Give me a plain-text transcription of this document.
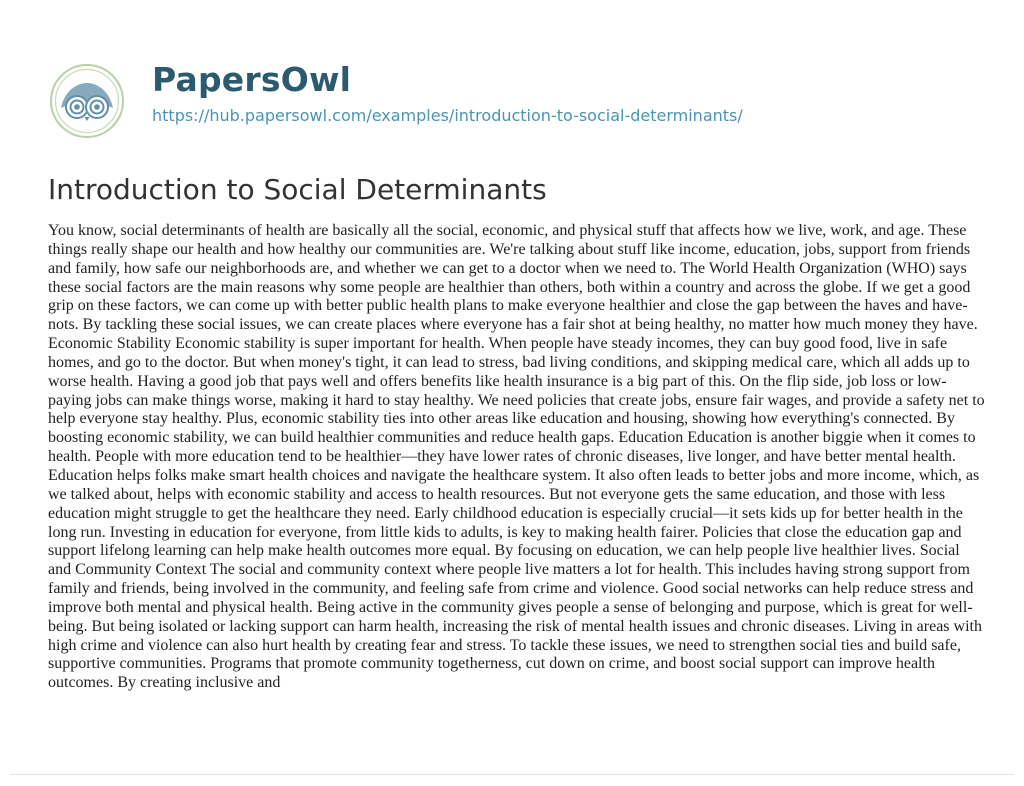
PapersOwl
https://hub.papersowl.com/examples/introduction-to-social-determinants/
Introduction to Social Determinants

You know, social determinants of health are basically all the social, economic, and physical stuff that affects how we live, work, and age. These things really shape our health and how healthy our communities are. We're talking about stuff like income, education, jobs, support from friends and family, how safe our neighborhoods are, and whether we can get to a doctor when we need to. The World Health Organization (WHO) says these social factors are the main reasons why some people are healthier than others, both within a country and across the globe. If we get a good grip on these factors, we can come up with better public health plans to make everyone healthier and close the gap between the haves and have-nots. By tackling these social issues, we can create places where everyone has a fair shot at being healthy, no matter how much money they have. Economic Stability Economic stability is super important for health. When people have steady incomes, they can buy good food, live in safe homes, and go to the doctor. But when money's tight, it can lead to stress, bad living conditions, and skipping medical care, which all adds up to worse health. Having a good job that pays well and offers benefits like health insurance is a big part of this. On the flip side, job loss or low-paying jobs can make things worse, making it hard to stay healthy. We need policies that create jobs, ensure fair wages, and provide a safety net to help everyone stay healthy. Plus, economic stability ties into other areas like education and housing, showing how everything's connected. By boosting economic stability, we can build healthier communities and reduce health gaps. Education Education is another biggie when it comes to health. People with more education tend to be healthier—they have lower rates of chronic diseases, live longer, and have better mental health. Education helps folks make smart health choices and navigate the healthcare system. It also often leads to better jobs and more income, which, as we talked about, helps with economic stability and access to health resources. But not everyone gets the same education, and those with less education might struggle to get the healthcare they need. Early childhood education is especially crucial—it sets kids up for better health in the long run. Investing in education for everyone, from little kids to adults, is key to making health fairer. Policies that close the education gap and support lifelong learning can help make health outcomes more equal. By focusing on education, we can help people live healthier lives. Social and Community Context The social and community context where people live matters a lot for health. This includes having strong support from family and friends, being involved in the community, and feeling safe from crime and violence. Good social networks can help reduce stress and improve both mental and physical health. Being active in the community gives people a sense of belonging and purpose, which is great for well-being. But being isolated or lacking support can harm health, increasing the risk of mental health issues and chronic diseases. Living in areas with high crime and violence can also hurt health by creating fear and stress. To tackle these issues, we need to strengthen social ties and build safe, supportive communities. Programs that promote community togetherness, cut down on crime, and boost social support can improve health outcomes. By creating inclusive and
